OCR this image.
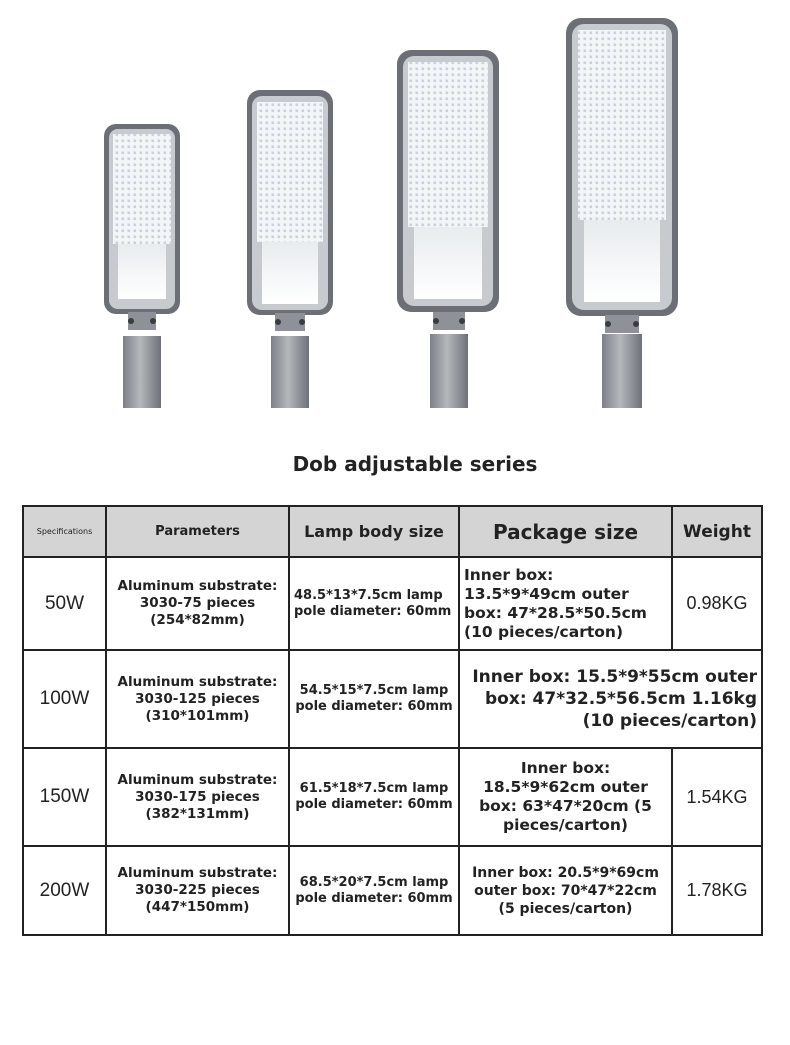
Dob adjustable series
Specifications	Parameters	Lamp body size	Package size	Weight
50W	Aluminum substrate: 3030-75 pieces (254*82mm)	48.5*13*7.5cm lamp pole diameter: 60mm	Inner box: 13.5*9*49cm outer box: 47*28.5*50.5cm (10 pieces/carton)	0.98KG
100W	Aluminum substrate: 3030-125 pieces (310*101mm)	54.5*15*7.5cm lamp pole diameter: 60mm	Inner box: 15.5*9*55cm outer box: 47*32.5*56.5cm 1.16kg (10 pieces/carton)	
150W	Aluminum substrate: 3030-175 pieces (382*131mm)	61.5*18*7.5cm lamp pole diameter: 60mm	Inner box: 18.5*9*62cm outer box: 63*47*20cm (5 pieces/carton)	1.54KG
200W	Aluminum substrate: 3030-225 pieces (447*150mm)	68.5*20*7.5cm lamp pole diameter: 60mm	Inner box: 20.5*9*69cm outer box: 70*47*22cm (5 pieces/carton)	1.78KG
